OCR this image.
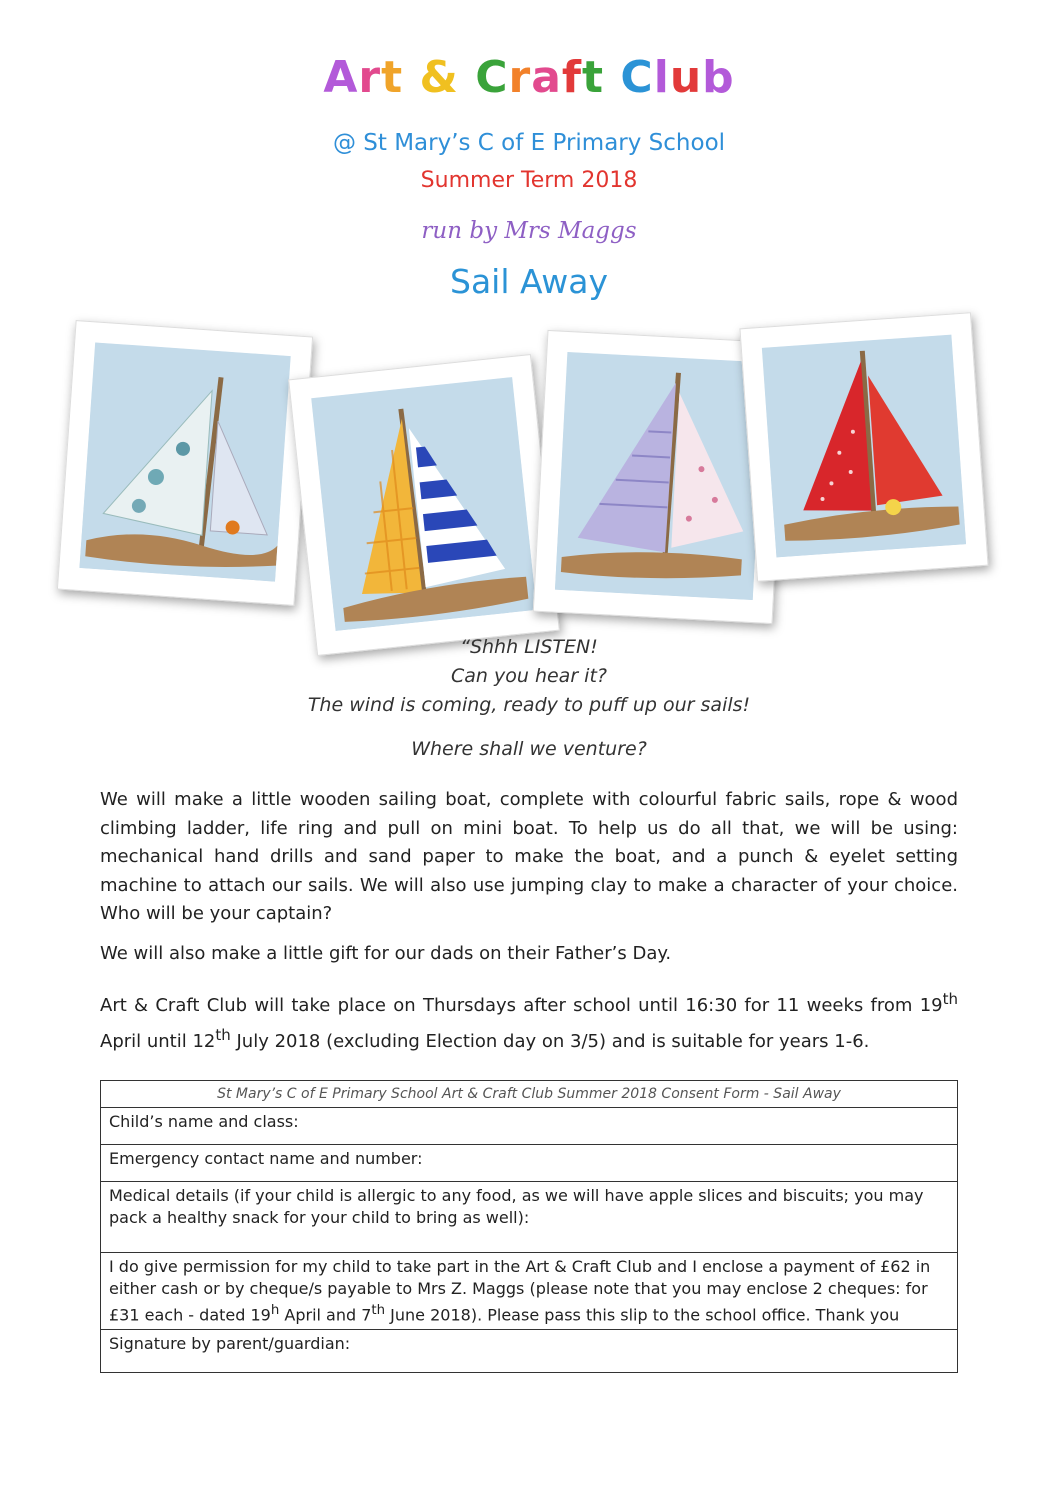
Art & Craft Club
@ St Mary’s C of E Primary School
Summer Term 2018
run by Mrs Maggs
Sail Away
“Shhh LISTEN!
Can you hear it?
The wind is coming, ready to puff up our sails!
Where shall we venture?
We will make a little wooden sailing boat, complete with colourful fabric sails, rope & wood climbing ladder, life ring and pull on mini boat. To help us do all that, we will be using: mechanical hand drills and sand paper to make the boat, and a punch & eyelet setting machine to attach our sails. We will also use jumping clay to make a character of your choice. Who will be your captain?
We will also make a little gift for our dads on their Father’s Day.
Art & Craft Club will take place on Thursdays after school until 16:30 for 11 weeks from 19th April until 12th July 2018 (excluding Election day on 3/5) and is suitable for years 1-6.
St Mary’s C of E Primary School Art & Craft Club Summer 2018 Consent Form - Sail Away
Child’s name and class:
Emergency contact name and number:
Medical details (if your child is allergic to any food, as we will have apple slices and biscuits; you may pack a healthy snack for your child to bring as well):
I do give permission for my child to take part in the Art & Craft Club and I enclose a payment of £62 in either cash or by cheque/s payable to Mrs Z. Maggs (please note that you may enclose 2 cheques: for £31 each - dated 19$^h$ April and 7th June 2018). Please pass this slip to the school office. Thank you
Signature by parent/guardian:
